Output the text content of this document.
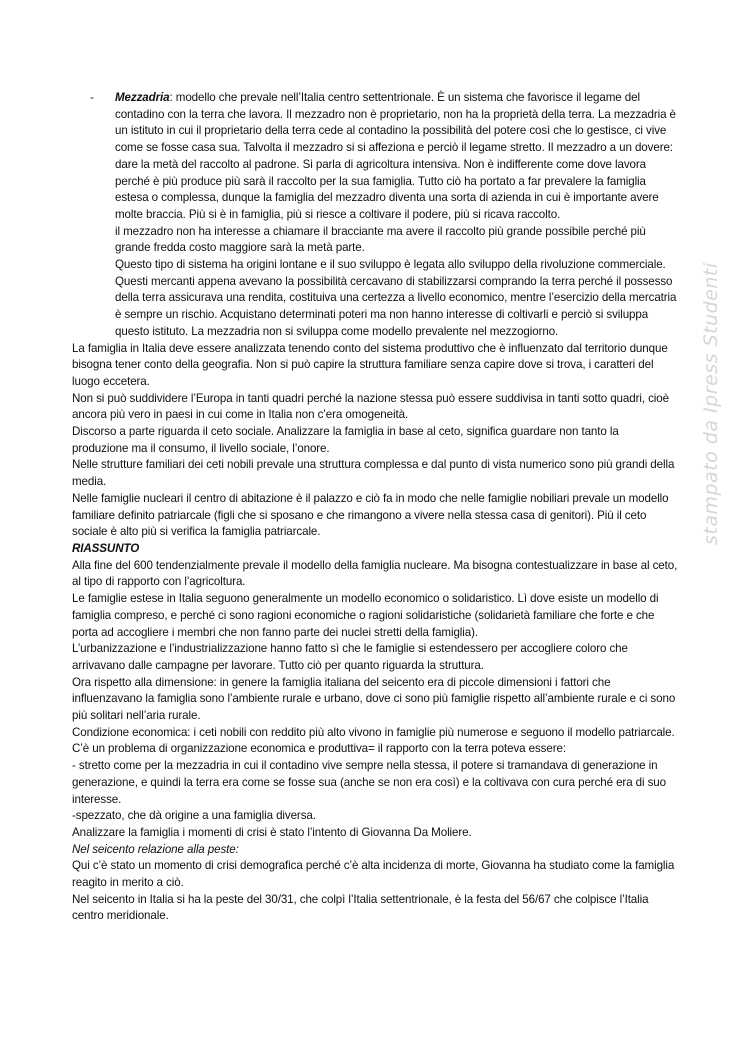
- Mezzadria: modello che prevale nell’Italia centro settentrionale. È un sistema che favorisce il legame del contadino con la terra che lavora. Il mezzadro non è proprietario, non ha la proprietà della terra. La mezzadria è un istituto in cui il proprietario della terra cede al contadino la possibilità del potere così che lo gestisce, ci vive come se fosse casa sua. Talvolta il mezzadro si si affeziona e perciò il legame stretto. Il mezzadro a un dovere: dare la metà del raccolto al padrone. Si parla di agricoltura intensiva. Non è indifferente come dove lavora perché è più produce più sarà il raccolto per la sua famiglia. Tutto ciò ha portato a far prevalere la famiglia estesa o complessa, dunque la famiglia del mezzadro diventa una sorta di azienda in cui è importante avere molte braccia. Più si è in famiglia, più si riesce a coltivare il podere, più si ricava raccolto.

il mezzadro non ha interesse a chiamare il bracciante ma avere il raccolto più grande possibile perché più grande fredda costo maggiore sarà la metà parte.

Questo tipo di sistema ha origini lontane e il suo sviluppo è legata allo sviluppo della rivoluzione commerciale. Questi mercanti appena avevano la possibilità cercavano di stabilizzarsi comprando la terra perché il possesso della terra assicurava una rendita, costituiva una certezza a livello economico, mentre l’esercizio della mercatria è sempre un rischio. Acquistano determinati poteri ma non hanno interesse di coltivarli e perciò si sviluppa questo istituto. La mezzadria non si sviluppa come modello prevalente nel mezzogiorno.

La famiglia in Italia deve essere analizzata tenendo conto del sistema produttivo che è influenzato dal territorio dunque bisogna tener conto della geografia. Non si può capire la struttura familiare senza capire dove si trova, i caratteri del luogo eccetera.

Non si può suddividere l’Europa in tanti quadri perché la nazione stessa può essere suddivisa in tanti sotto quadri, cioè ancora più vero in paesi in cui come in Italia non c’era omogeneità.

Discorso a parte riguarda il ceto sociale. Analizzare la famiglia in base al ceto, significa guardare non tanto la produzione ma il consumo, il livello sociale, l’onore.

Nelle strutture familiari dei ceti nobili prevale una struttura complessa e dal punto di vista numerico sono più grandi della media.

Nelle famiglie nucleari il centro di abitazione è il palazzo e ciò fa in modo che nelle famiglie nobiliari prevale un modello familiare definito patriarcale (figli che si sposano e che rimangono a vivere nella stessa casa di genitori). Più il ceto sociale è alto più si verifica la famiglia patriarcale.

RIASSUNTO

Alla fine del 600 tendenzialmente prevale il modello della famiglia nucleare. Ma bisogna contestualizzare in base al ceto, al tipo di rapporto con l’agricoltura.

Le famiglie estese in Italia seguono generalmente un modello economico o solidaristico. Lì dove esiste un modello di famiglia compreso, e perché ci sono ragioni economiche o ragioni solidaristiche (solidarietà familiare che forte e che porta ad accogliere i membri che non fanno parte dei nuclei stretti della famiglia).

L’urbanizzazione e l’industrializzazione hanno fatto sì che le famiglie si estendessero per accogliere coloro che arrivavano dalle campagne per lavorare. Tutto ciò per quanto riguarda la struttura.

Ora rispetto alla dimensione: in genere la famiglia italiana del seicento era di piccole dimensioni i fattori che influenzavano la famiglia sono l’ambiente rurale e urbano, dove ci sono più famiglie rispetto all’ambiente rurale e ci sono più solitari nell’aria rurale.

Condizione economica: i ceti nobili con reddito più alto vivono in famiglie più numerose e seguono il modello patriarcale.

C’è un problema di organizzazione economica e produttiva= il rapporto con la terra poteva essere:

- stretto come per la mezzadria in cui il contadino vive sempre nella stessa, il potere si tramandava di generazione in generazione, e quindi la terra era come se fosse sua (anche se non era così) e la coltivava con cura perché era di suo interesse.

-spezzato, che dà origine a una famiglia diversa.

Analizzare la famiglia i momenti di crisi è stato l’intento di Giovanna Da Moliere.

Nel seicento relazione alla peste:

Qui c’è stato un momento di crisi demografica perché c’è alta incidenza di morte, Giovanna ha studiato come la famiglia reagito in merito a ciò.

Nel seicento in Italia si ha la peste del 30/31, che colpì l’Italia settentrionale, è la festa del 56/67 che colpisce l’Italia centro meridionale.

stampato da Ipress Studenti
